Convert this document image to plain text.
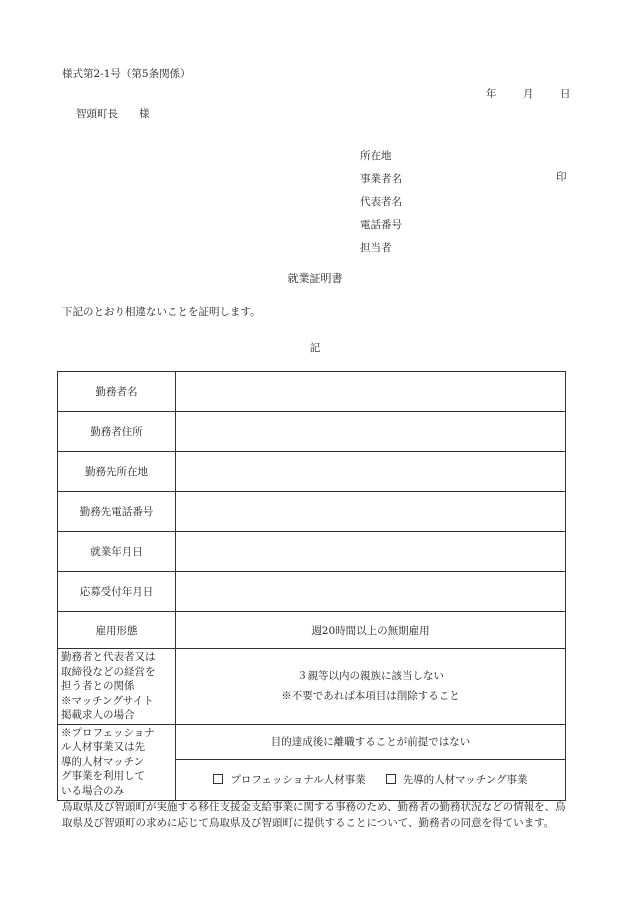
様式第2-1号（第5条関係）
年	月	日
智頭町長　　様
所在地
事業者名	印
代表者名
電話番号
担当者
就業証明書
下記のとおり相違ないことを証明します。
記
勤務者名	
勤務者住所	
勤務先所在地	
勤務先電話番号	
就業年月日	
応募受付年月日	
雇用形態	週20時間以上の無期雇用

勤務者と代表者又は
取締役などの経営を
担う者との関係
※マッチングサイト
掲載求人の場合	３親等以内の親族に該当しない
※不要であれば本項目は削除すること

※プロフェッショナ
ル人材事業又は先
導的人材マッチン
グ事業を利用して
いる場合のみ	目的達成後に離職することが前提ではない
	プロフェッショナル人材事業 先導的人材マッチング事業
鳥取県及び智頭町が実施する移住支援金支給事業に関する事務のため、勤務者の勤務状況などの情報を、鳥取県及び智頭町の求めに応じて鳥取県及び智頭町に提供することについて、勤務者の同意を得ています。
